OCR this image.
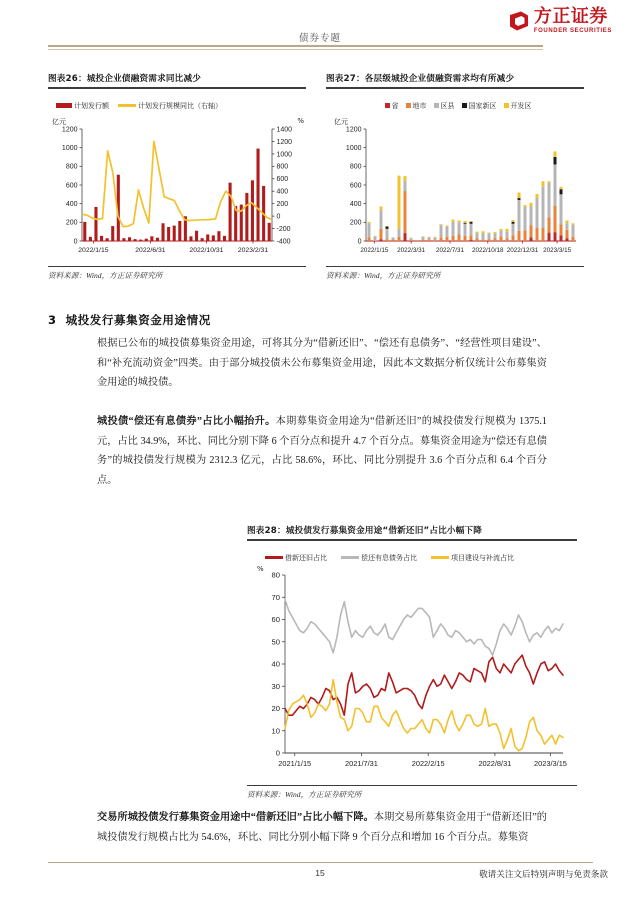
债券专题
方正证券
FOUNDER SECURITIES
图表26：城投企业债融资需求同比减少
计划发行额	计划发行规模同比（右轴）
亿元	%
0
200
400
600
800
1000
1200
-400
-200
0
200
400
600
800
1000
1200
1400
2022/1/15	2022/6/31	2022/10/31 2023/2/31
资料来源：Wind，方正证券研究所
图表27：各层级城投企业债融资需求均有所减少
省 地市 区县 国家新区 开发区
亿元
0
200
400
600
800
1000
1200
2022/1/15 2022/3/31 2022/7/31 2022/10/18 2022/12/31 2023/3/15
资料来源：Wind，方正证券研究所
3 城投发行募集资金用途情况
根据已公布的城投债募集资金用途，可将其分为“借新还旧”、“偿还有息债务”、“经营性项目建设”、和“补充流动资金”四类。由于部分城投债未公布募集资金用途，因此本文数据分析仅统计公布募集资金用途的城投债。
城投债“偿还有息债券”占比小幅抬升。本期募集资金用途为“借新还旧”的城投债发行规模为 1375.1 元，占比 34.9%，环比、同比分别下降 6 个百分点和提升 4.7 个百分点。募集资金用途为“偿还有息债务”的城投债发行规模为 2312.3 亿元，占比 58.6%，环比、同比分别提升 3.6 个百分点和 6.4 个百分点。
图表28：城投债发行募集资金用途“借新还旧”占比小幅下降
借新还旧占比	偿还有息债务占比	项目建设与补流占比
%
0
10
20
30
40
50
60
70
80
2021/1/15	2021/7/31	2022/2/15	2022/8/31	2023/3/15
资料来源：Wind，方正证券研究所
交易所城投债发行募集资金用途中“借新还旧”占比小幅下降。本期交易所募集资金用于“借新还旧”的城投债发行规模占比为 54.6%，环比、同比分别小幅下降 9 个百分点和增加 16 个百分点。募集资
15	敬请关注文后特别声明与免责条款
